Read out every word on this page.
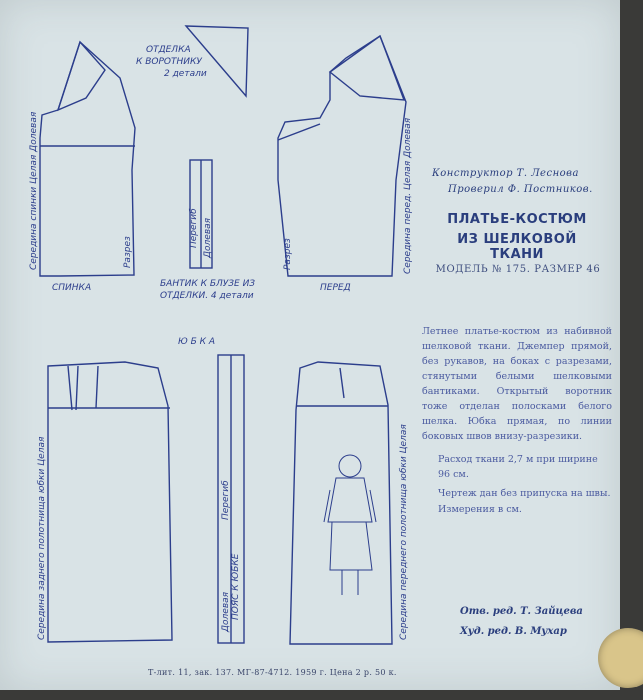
ОТДЕЛКА
К ВОРОТНИКУ
2 детали
БАНТИК К БЛУЗЕ ИЗ
ОТДЕЛКИ. 4 детали
СПИНКА	ПЕРЕД
Ю Б К А
Середина спинки Целая Долевая	Середина перед. Целая Долевая
ПОЯС К ЮБКЕ
Середина заднего полотнища юбки Целая	Середина переднего полотнища юбки Целая
Перегиб Долевая
Разрез	Разрез
Перегиб
Долевая
Конструктор Т. Леснова
Проверил Ф. Постников.
ПЛАТЬЕ-КОСТЮМ
ИЗ ШЕЛКОВОЙ ТКАНИ
МОДЕЛЬ № 175. РАЗМЕР 46
Летнее платье-костюм из набивной шелковой ткани. Джемпер прямой, без рукавов, на боках с разрезами, стянутыми белыми шелковыми бантиками. Открытый воротник тоже отделан полосками белого шелка. Юбка прямая, по линии боковых швов внизу-разрезики.
Расход ткани 2,7 м при ширине 96 см.
Чертеж дан без припуска на швы.
Измерения в см.
Отв. ред. Т. Зайцева
Худ. ред. В. Мухар
Т-лит. 11, зак. 137. МГ-87-4712. 1959 г. Цена 2 р. 50 к.
